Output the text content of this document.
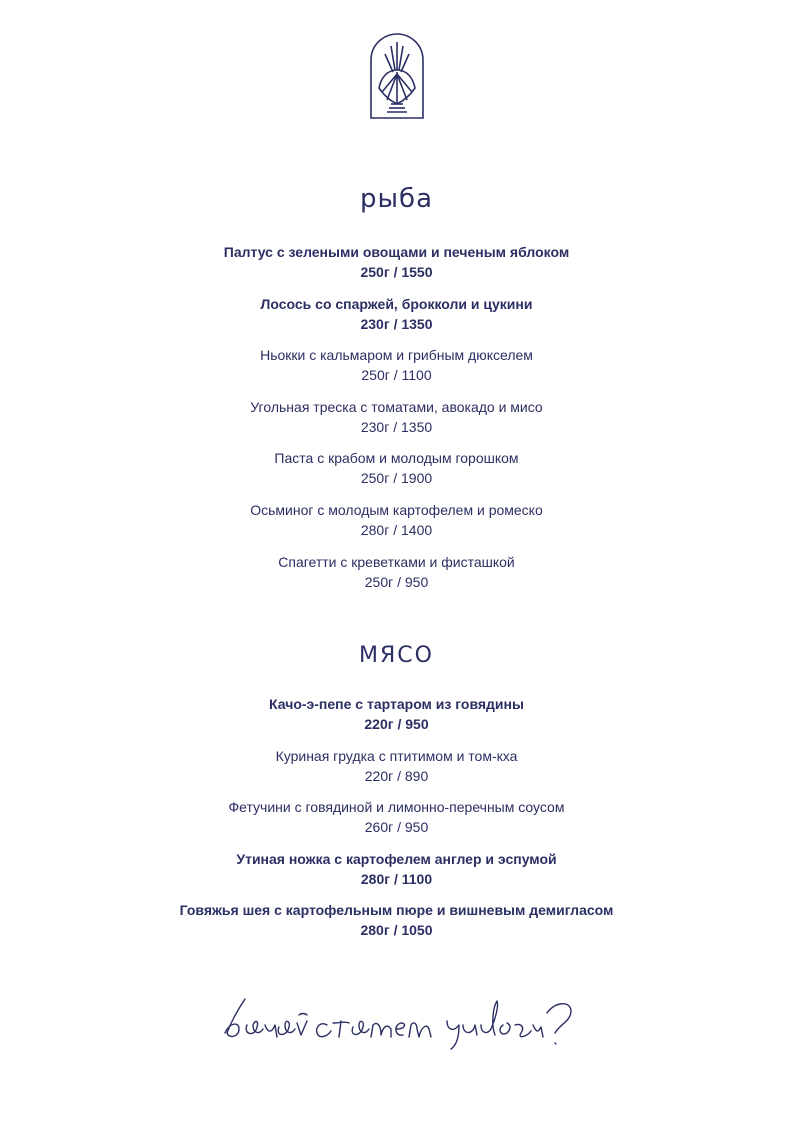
рыба
Палтус с зелеными овощами и печеным яблоком
250г / 1550
Лосось со спаржей, брокколи и цукини
230г / 1350
Ньокки с кальмаром и грибным дюкселем
250г / 1100
Угольная треска с томатами, авокадо и мисо
230г / 1350
Паста с крабом и молодым горошком
250г / 1900
Осьминог с молодым картофелем и ромеско
280г / 1400
Спагетти с креветками и фисташкой
250г / 950
МЯСО
Качо-э-пепе с тартаром из говядины
220г / 950
Куриная грудка с птитимом и том-кха
220г / 890
Фетучини с говядиной и лимонно-перечным соусом
260г / 950
Утиная ножка с картофелем англер и эспумой
280г / 1100
Говяжья шея с картофельным пюре и вишневым демигласом
280г / 1050
